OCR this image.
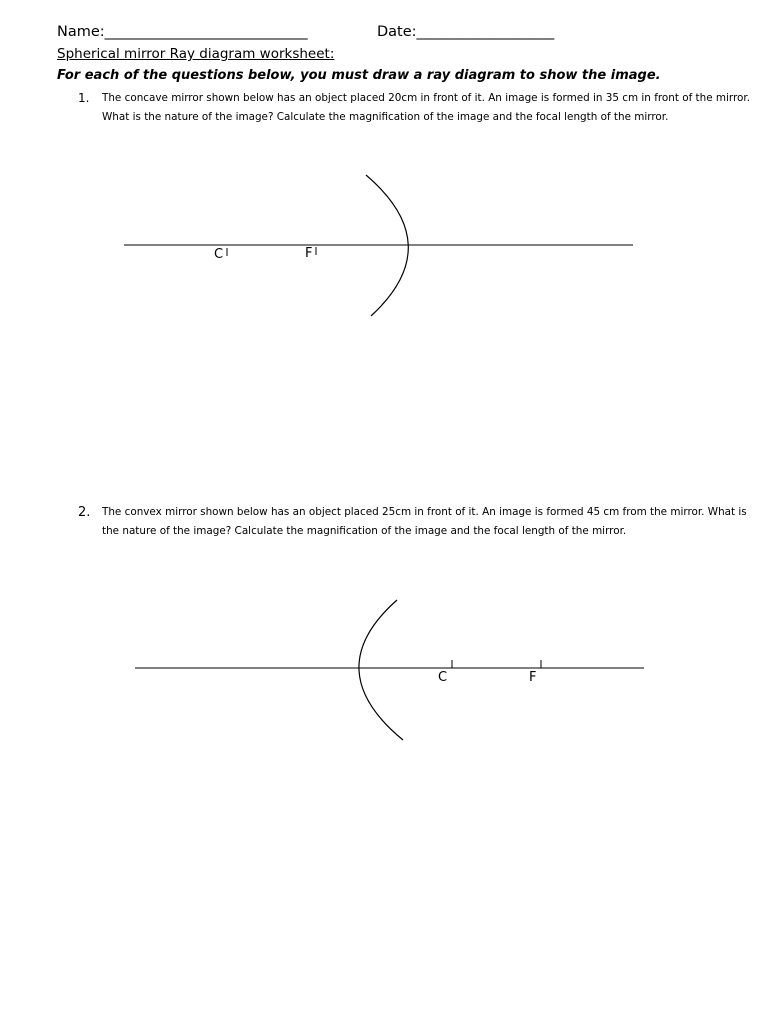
Name:____________________________	Date:___________________
Spherical mirror Ray diagram worksheet:
For each of the questions below, you must draw a ray diagram to show the image.
1. The concave mirror shown below has an object placed 20cm in front of it. An image is formed in 35 cm in front of the mirror. What is the nature of the image? Calculate the magnification of the image and the focal length of the mirror.
C	F
2. The convex mirror shown below has an object placed 25cm in front of it. An image is formed 45 cm from the mirror. What is the nature of the image? Calculate the magnification of the image and the focal length of the mirror.
C	F
